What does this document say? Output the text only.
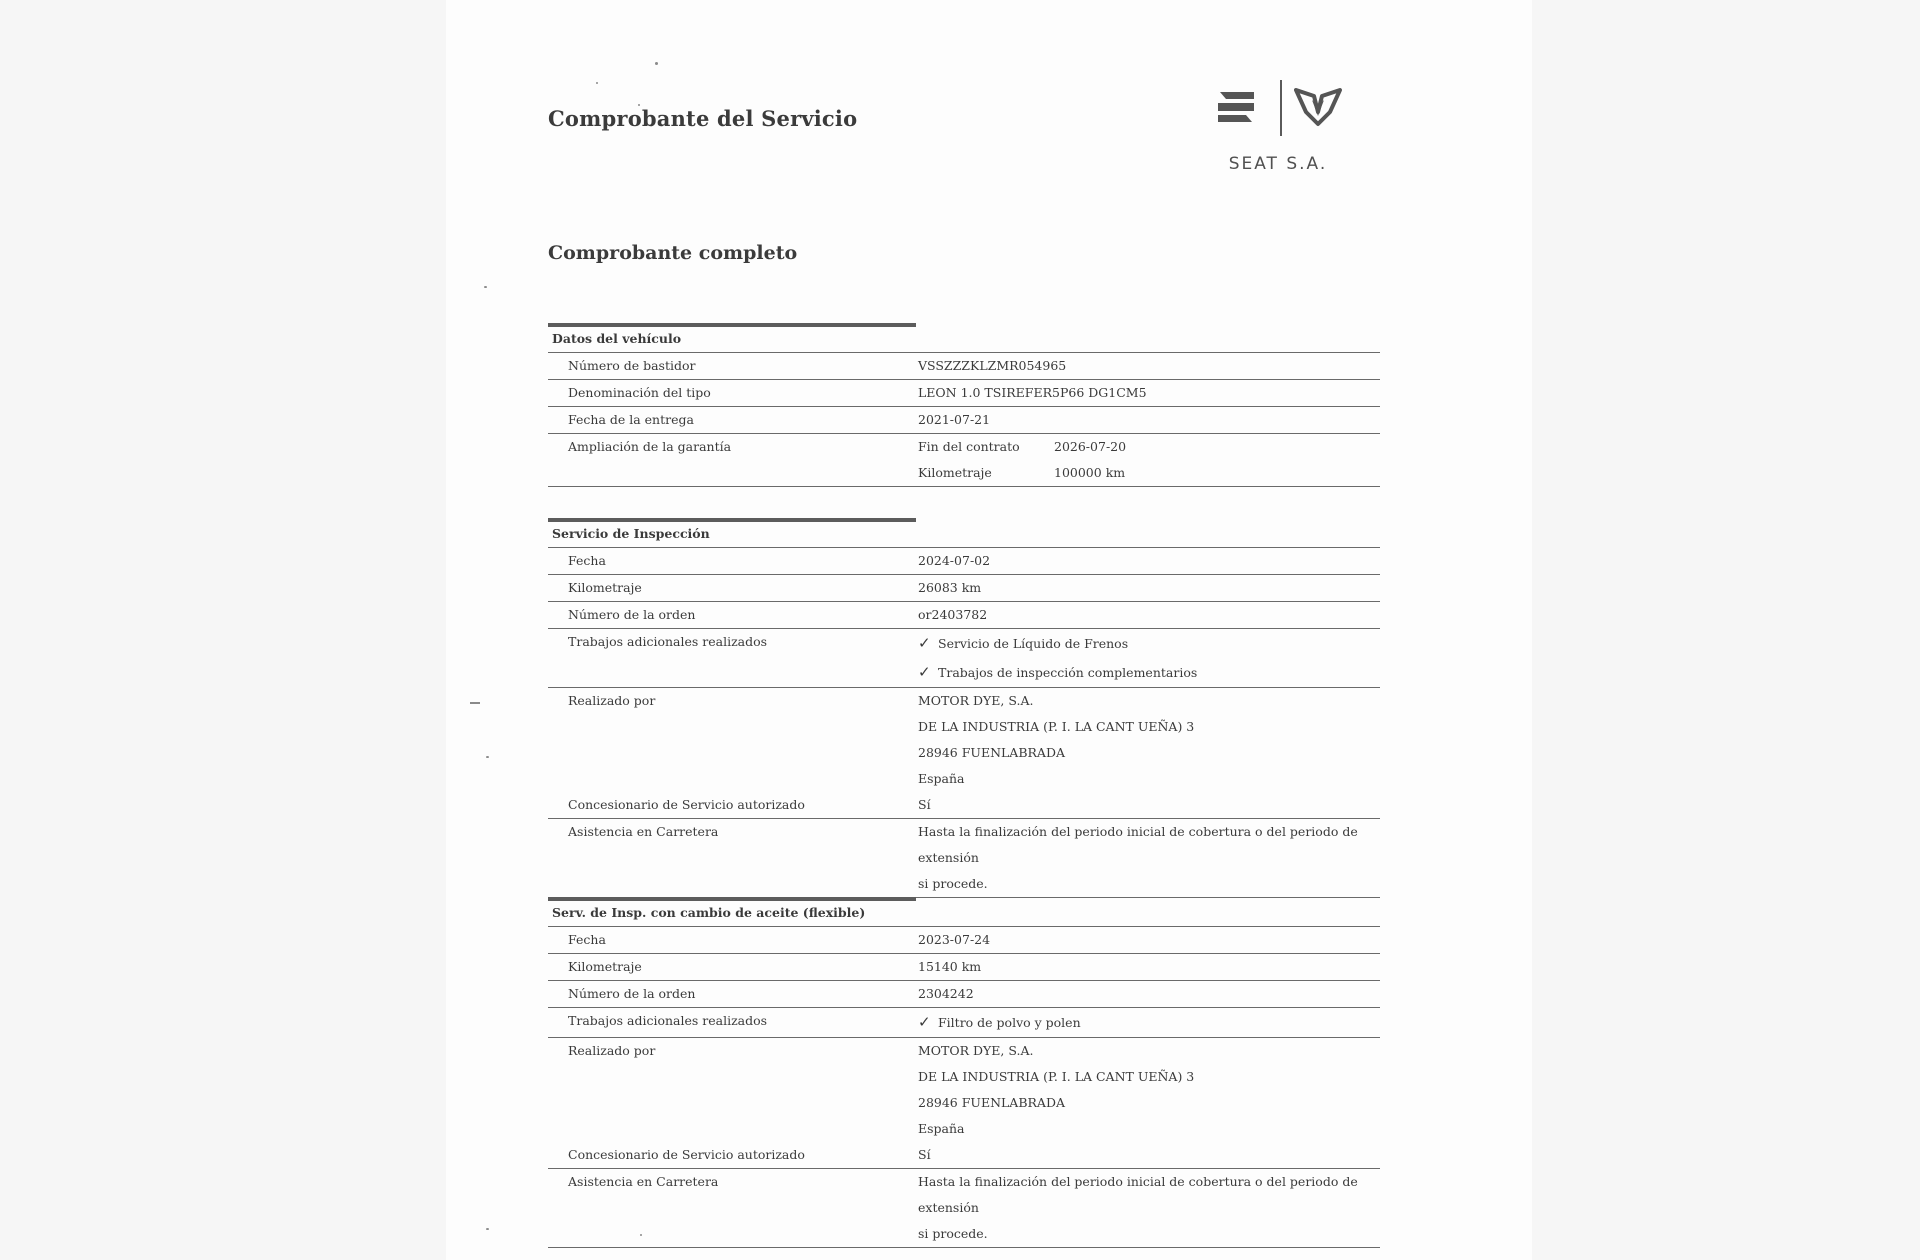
Comprobante del Servicio
SEAT S.A.
Comprobante completo
Datos del vehículo
Número de bastidor	VSSZZZKLZMR054965
Denominación del tipo	LEON 1.0 TSIREFER5P66 DG1CM5
Fecha de la entrega	2021-07-21
Ampliación de la garantía	Fin del contrato	2026-07-20
Kilometraje	100000 km
Servicio de Inspección
Fecha	2024-07-02
Kilometraje	26083 km
Número de la orden	or2403782
Trabajos adicionales realizados	✓ Servicio de Líquido de Frenos
✓ Trabajos de inspección complementarios
Realizado por	MOTOR DYE, S.A.
DE LA INDUSTRIA (P. I. LA CANT UEÑA) 3
28946 FUENLABRADA
España
Concesionario de Servicio autorizado	Sí
Asistencia en Carretera	Hasta la finalización del periodo inicial de cobertura o del periodo de extensión
si procede.
Serv. de Insp. con cambio de aceite (flexible)
Fecha	2023-07-24
Kilometraje	15140 km
Número de la orden	2304242
Trabajos adicionales realizados	✓ Filtro de polvo y polen
Realizado por	MOTOR DYE, S.A.
DE LA INDUSTRIA (P. I. LA CANT UEÑA) 3
28946 FUENLABRADA
España
Concesionario de Servicio autorizado	Sí
Asistencia en Carretera	Hasta la finalización del periodo inicial de cobertura o del periodo de extensión
si procede.
